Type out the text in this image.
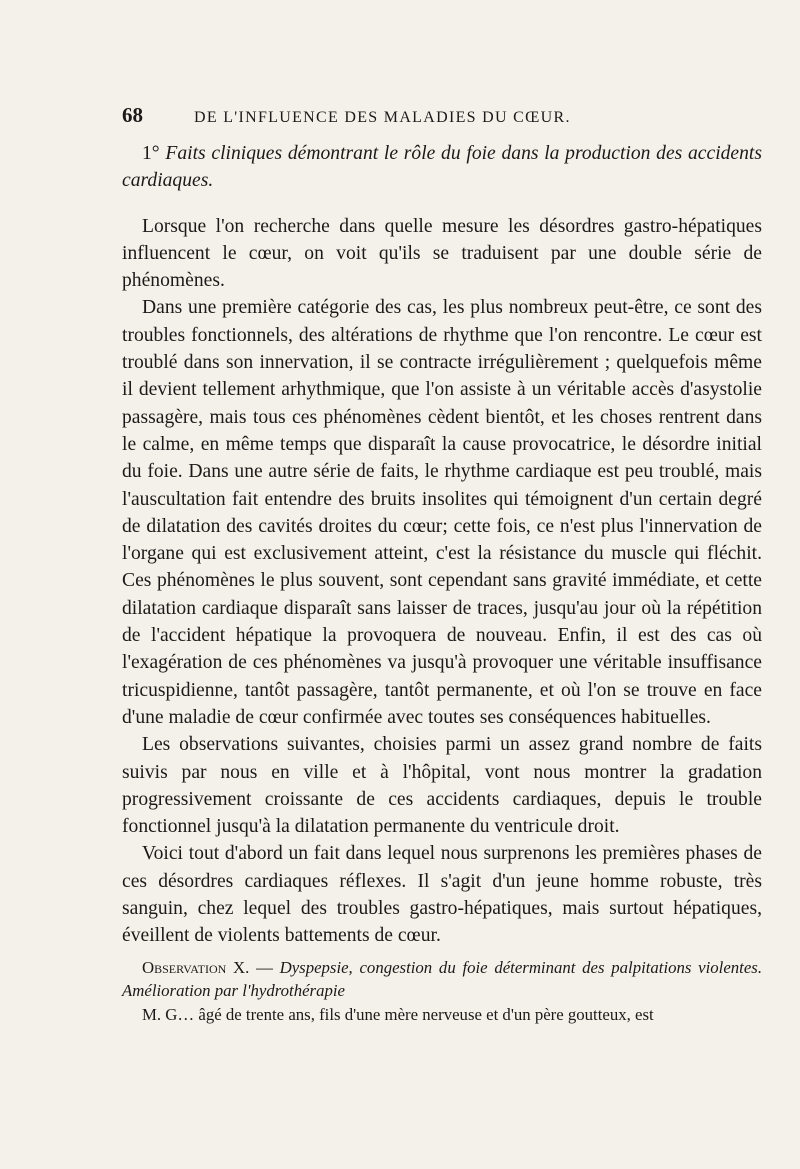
68	DE L'INFLUENCE DES MALADIES DU CŒUR.

1° Faits cliniques démontrant le rôle du foie dans la production des accidents cardiaques.

Lorsque l'on recherche dans quelle mesure les désordres gastro-hépatiques influencent le cœur, on voit qu'ils se traduisent par une double série de phénomènes.

Dans une première catégorie des cas, les plus nombreux peut-être, ce sont des troubles fonctionnels, des altérations de rhythme que l'on rencontre. Le cœur est troublé dans son innervation, il se contracte irrégulièrement ; quelquefois même il devient tellement arhythmique, que l'on assiste à un véritable accès d'asystolie passagère, mais tous ces phénomènes cèdent bientôt, et les choses rentrent dans le calme, en même temps que disparaît la cause provocatrice, le désordre initial du foie. Dans une autre série de faits, le rhythme cardiaque est peu troublé, mais l'auscultation fait entendre des bruits insolites qui témoignent d'un certain degré de dilatation des cavités droites du cœur; cette fois, ce n'est plus l'innervation de l'organe qui est exclusivement atteint, c'est la résistance du muscle qui fléchit. Ces phénomènes le plus souvent, sont cependant sans gravité immédiate, et cette dilatation cardiaque disparaît sans laisser de traces, jusqu'au jour où la répétition de l'accident hépatique la provoquera de nouveau. Enfin, il est des cas où l'exagération de ces phénomènes va jusqu'à provoquer une véritable insuffisance tricuspidienne, tantôt passagère, tantôt permanente, et où l'on se trouve en face d'une maladie de cœur confirmée avec toutes ses conséquences habituelles.

Les observations suivantes, choisies parmi un assez grand nombre de faits suivis par nous en ville et à l'hôpital, vont nous montrer la gradation progressivement croissante de ces accidents cardiaques, depuis le trouble fonctionnel jusqu'à la dilatation permanente du ventricule droit.

Voici tout d'abord un fait dans lequel nous surprenons les premières phases de ces désordres cardiaques réflexes. Il s'agit d'un jeune homme robuste, très sanguin, chez lequel des troubles gastro-hépatiques, mais surtout hépatiques, éveillent de violents battements de cœur.

Observation X. — Dyspepsie, congestion du foie déterminant des palpitations violentes. Amélioration par l'hydrothérapie

M. G… âgé de trente ans, fils d'une mère nerveuse et d'un père goutteux, est
